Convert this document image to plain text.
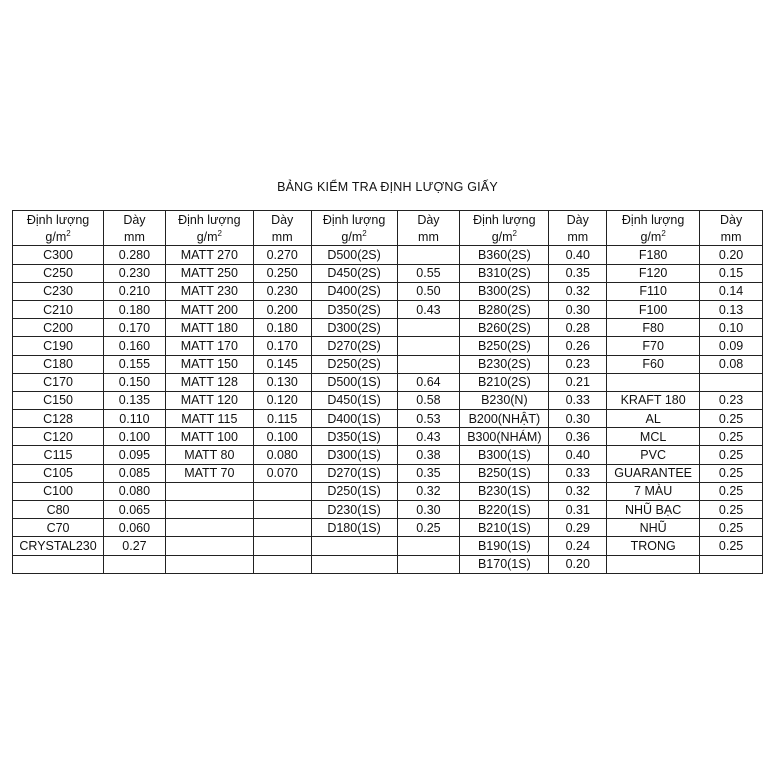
BẢNG KIỂM TRA ĐỊNH LƯỢNG GIẤY
Định lượng	Dày	Định lượng	Dày	Định lượng	Dày	Định lượng	Dày	Định lượng	Dày
$g/m^2$	mm	$g/m^2$	mm	$g/m^2$	mm	$g/m^2$	mm	$g/m^2$	mm
C300	0.280	MATT 270	0.270	D500(2S)		B360(2S)	0.40	F180	0.20
C250	0.230	MATT 250	0.250	D450(2S)	0.55	B310(2S)	0.35	F120	0.15
C230	0.210	MATT 230	0.230	D400(2S)	0.50	B300(2S)	0.32	F110	0.14
C210	0.180	MATT 200	0.200	D350(2S)	0.43	B280(2S)	0.30	F100	0.13
C200	0.170	MATT 180	0.180	D300(2S)		B260(2S)	0.28	F80	0.10
C190	0.160	MATT 170	0.170	D270(2S)		B250(2S)	0.26	F70	0.09
C180	0.155	MATT 150	0.145	D250(2S)		B230(2S)	0.23	F60	0.08
C170	0.150	MATT 128	0.130	D500(1S)	0.64	B210(2S)	0.21		
C150	0.135	MATT 120	0.120	D450(1S)	0.58	B230(N)	0.33	KRAFT 180	0.23
C128	0.110	MATT 115	0.115	D400(1S)	0.53	B200(NHẬT)	0.30	AL	0.25
C120	0.100	MATT 100	0.100	D350(1S)	0.43	B300(NHÁM)	0.36	MCL	0.25
C115	0.095	MATT 80	0.080	D300(1S)	0.38	B300(1S)	0.40	PVC	0.25
C105	0.085	MATT 70	0.070	D270(1S)	0.35	B250(1S)	0.33	GUARANTEE	0.25
C100	0.080			D250(1S)	0.32	B230(1S)	0.32	7 MÀU	0.25
C80	0.065			D230(1S)	0.30	B220(1S)	0.31	NHŨ BẠC	0.25
C70	0.060			D180(1S)	0.25	B210(1S)	0.29	NHŨ	0.25
CRYSTAL230	0.27					B190(1S)	0.24	TRONG	0.25
						B170(1S)	0.20		
